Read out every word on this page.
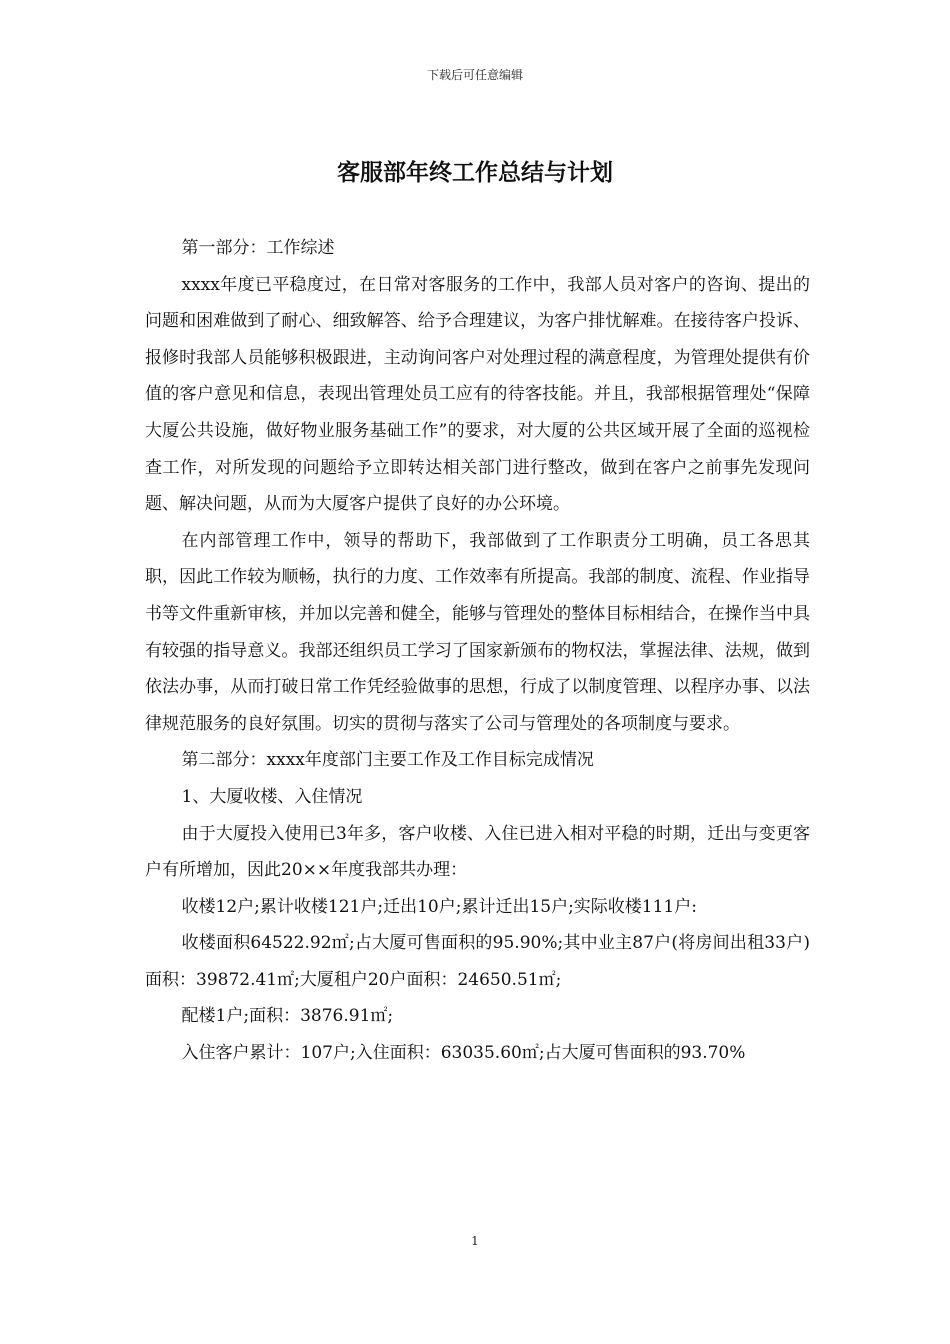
下载后可任意编辑
客服部年终工作总结与计划

第一部分：工作综述

xxxx年度已平稳度过，在日常对客服务的工作中，我部人员对客户的咨询、提出的问题和困难做到了耐心、细致解答、给予合理建议，为客户排忧解难。在接待客户投诉、报修时我部人员能够积极跟进，主动询问客户对处理过程的满意程度，为管理处提供有价值的客户意见和信息，表现出管理处员工应有的待客技能。并且，我部根据管理处“保障大厦公共设施，做好物业服务基础工作”的要求，对大厦的公共区域开展了全面的巡视检查工作，对所发现的问题给予立即转达相关部门进行整改，做到在客户之前事先发现问题、解决问题，从而为大厦客户提供了良好的办公环境。

在内部管理工作中，领导的帮助下，我部做到了工作职责分工明确，员工各思其职，因此工作较为顺畅，执行的力度、工作效率有所提高。我部的制度、流程、作业指导书等文件重新审核，并加以完善和健全，能够与管理处的整体目标相结合，在操作当中具有较强的指导意义。我部还组织员工学习了国家新颁布的物权法，掌握法律、法规，做到依法办事，从而打破日常工作凭经验做事的思想，行成了以制度管理、以程序办事、以法律规范服务的良好氛围。切实的贯彻与落实了公司与管理处的各项制度与要求。

第二部分：xxxx年度部门主要工作及工作目标完成情况

1、大厦收楼、入住情况

由于大厦投入使用已3年多，客户收楼、入住已进入相对平稳的时期，迁出与变更客户有所增加，因此20××年度我部共办理：

收楼12户;累计收楼121户;迁出10户;累计迁出15户;实际收楼111户:

收楼面积64522.92㎡;占大厦可售面积的95.90%;其中业主87户(将房间出租33户)面积：39872.41㎡;大厦租户20户面积：24650.51㎡;

配楼1户;面积：3876.91㎡;

入住客户累计：107户;入住面积：63035.60㎡;占大厦可售面积的93.70%

1
